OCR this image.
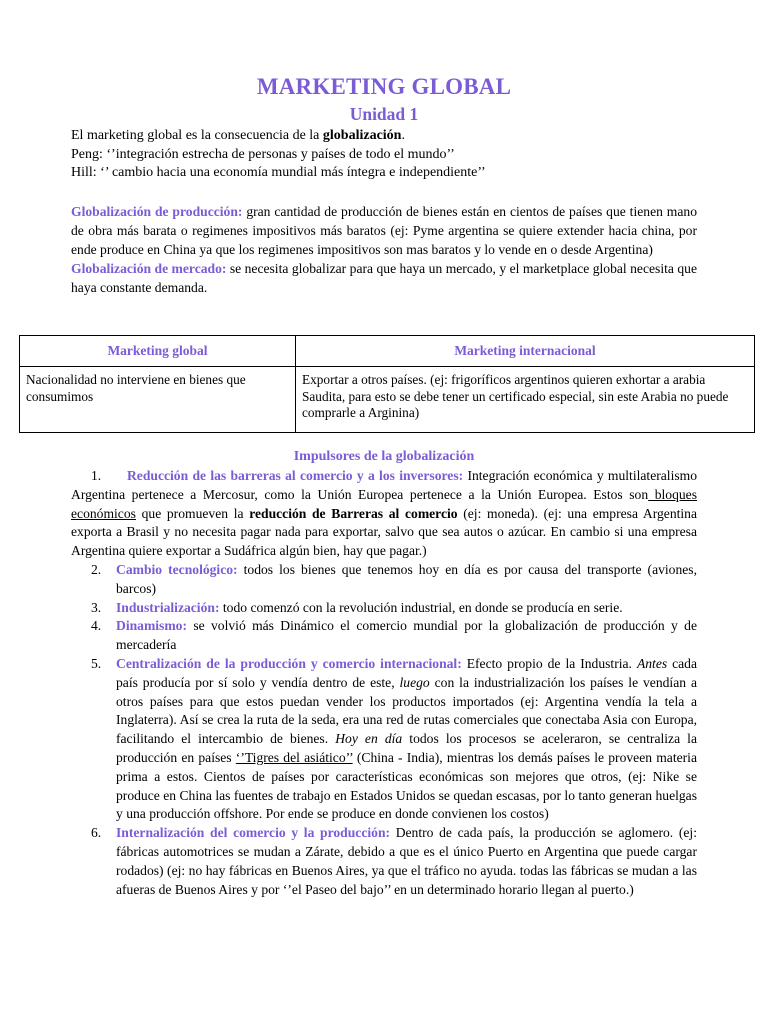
MARKETING GLOBAL
Unidad 1

El marketing global es la consecuencia de la globalización.

Peng: ‘’integración estrecha de personas y países de todo el mundo’’

Hill: ‘’ cambio hacia una economía mundial más íntegra e independiente’’

Globalización de producción: gran cantidad de producción de bienes están en cientos de países que tienen mano de obra más barata o regimenes impositivos más baratos (ej: Pyme argentina se quiere extender hacia china, por ende produce en China ya que los regimenes impositivos son mas baratos y lo vende en o desde Argentina)

Globalización de mercado: se necesita globalizar para que haya un mercado, y el marketplace global necesita que haya constante demanda.

Marketing global	Marketing internacional
Nacionalidad no interviene en bienes que consumimos	Exportar a otros países. (ej: frigoríficos argentinos quieren exhortar a arabia Saudita, para esto se debe tener un certificado especial, sin este Arabia no puede comprarle a Arginina)
Impulsores de la globalización

1. Reducción de las barreras al comercio y a los inversores: Integración económica y multilateralismo Argentina pertenece a Mercosur, como la Unión Europea pertenece a la Unión Europea. Estos son bloques económicos que promueven la reducción de Barreras al comercio (ej: moneda). (ej: una empresa Argentina exporta a Brasil y no necesita pagar nada para exportar, salvo que sea autos o azúcar. En cambio si una empresa Argentina quiere exportar a Sudáfrica algún bien, hay que pagar.)

2. Cambio tecnológico: todos los bienes que tenemos hoy en día es por causa del transporte (aviones, barcos)

3. Industrialización: todo comenzó con la revolución industrial, en donde se producía en serie.

4. Dinamismo: se volvió más Dinámico el comercio mundial por la globalización de producción y de mercadería

5. Centralización de la producción y comercio internacional: Efecto propio de la Industria. Antes cada país producía por sí solo y vendía dentro de este, luego con la industrialización los países le vendían a otros países para que estos puedan vender los productos importados (ej: Argentina vendía la tela a Inglaterra). Así se crea la ruta de la seda, era una red de rutas comerciales que conectaba Asia con Europa, facilitando el intercambio de bienes. Hoy en día todos los procesos se aceleraron, se centraliza la producción en países ‘’Tigres del asiático’’ (China - India), mientras los demás países le proveen materia prima a estos. Cientos de países por características económicas son mejores que otros, (ej: Nike se produce en China las fuentes de trabajo en Estados Unidos se quedan escasas, por lo tanto generan huelgas y una producción offshore. Por ende se produce en donde convienen los costos)

6. Internalización del comercio y la producción: Dentro de cada país, la producción se aglomero. (ej: fábricas automotrices se mudan a Zárate, debido a que es el único Puerto en Argentina que puede cargar rodados) (ej: no hay fábricas en Buenos Aires, ya que el tráfico no ayuda. todas las fábricas se mudan a las afueras de Buenos Aires y por ‘’el Paseo del bajo’’ en un determinado horario llegan al puerto.)
